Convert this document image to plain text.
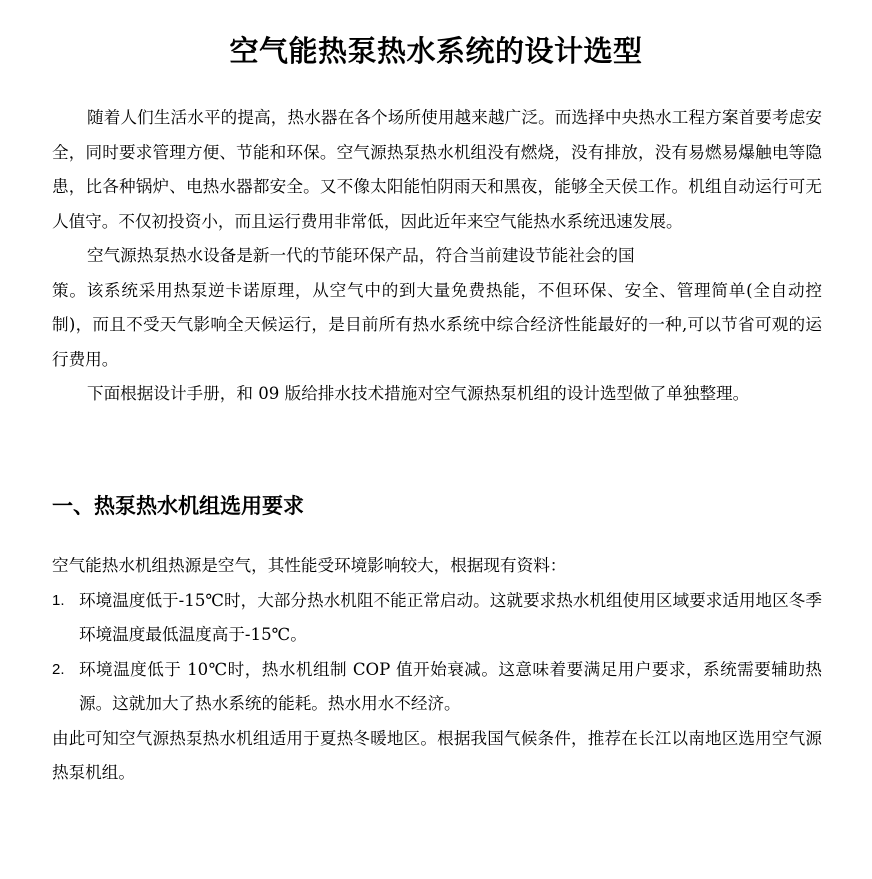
空气能热泵热水系统的设计选型

随着人们生活水平的提高，热水器在各个场所使用越来越广泛。而选择中央热水工程方案首要考虑安全，同时要求管理方便、节能和环保。空气源热泵热水机组没有燃烧，没有排放，没有易燃易爆触电等隐患，比各种锅炉、电热水器都安全。又不像太阳能怕阴雨天和黑夜，能够全天侯工作。机组自动运行可无人值守。不仅初投资小，而且运行费用非常低，因此近年来空气能热水系统迅速发展。

空气源热泵热水设备是新一代的节能环保产品，符合当前建设节能社会的国

策。该系统采用热泵逆卡诺原理，从空气中的到大量免费热能，不但环保、安全、管理简单(全自动控制)，而且不受天气影响全天候运行，是目前所有热水系统中综合经济性能最好的一种,可以节省可观的运行费用。

下面根据设计手册，和 09 版给排水技术措施对空气源热泵机组的设计选型做了单独整理。

一、热泵热水机组选用要求

空气能热水机组热源是空气，其性能受环境影响较大，根据现有资料：

1. 环境温度低于-15℃时，大部分热水机阻不能正常启动。这就要求热水机组使用区域要求适用地区冬季环境温度最低温度高于-15℃。
2. 环境温度低于 10℃时，热水机组制 COP 值开始衰减。这意味着要满足用户要求，系统需要辅助热源。这就加大了热水系统的能耗。热水用水不经济。

由此可知空气源热泵热水机组适用于夏热冬暖地区。根据我国气候条件，推荐在长江以南地区选用空气源热泵机组。
